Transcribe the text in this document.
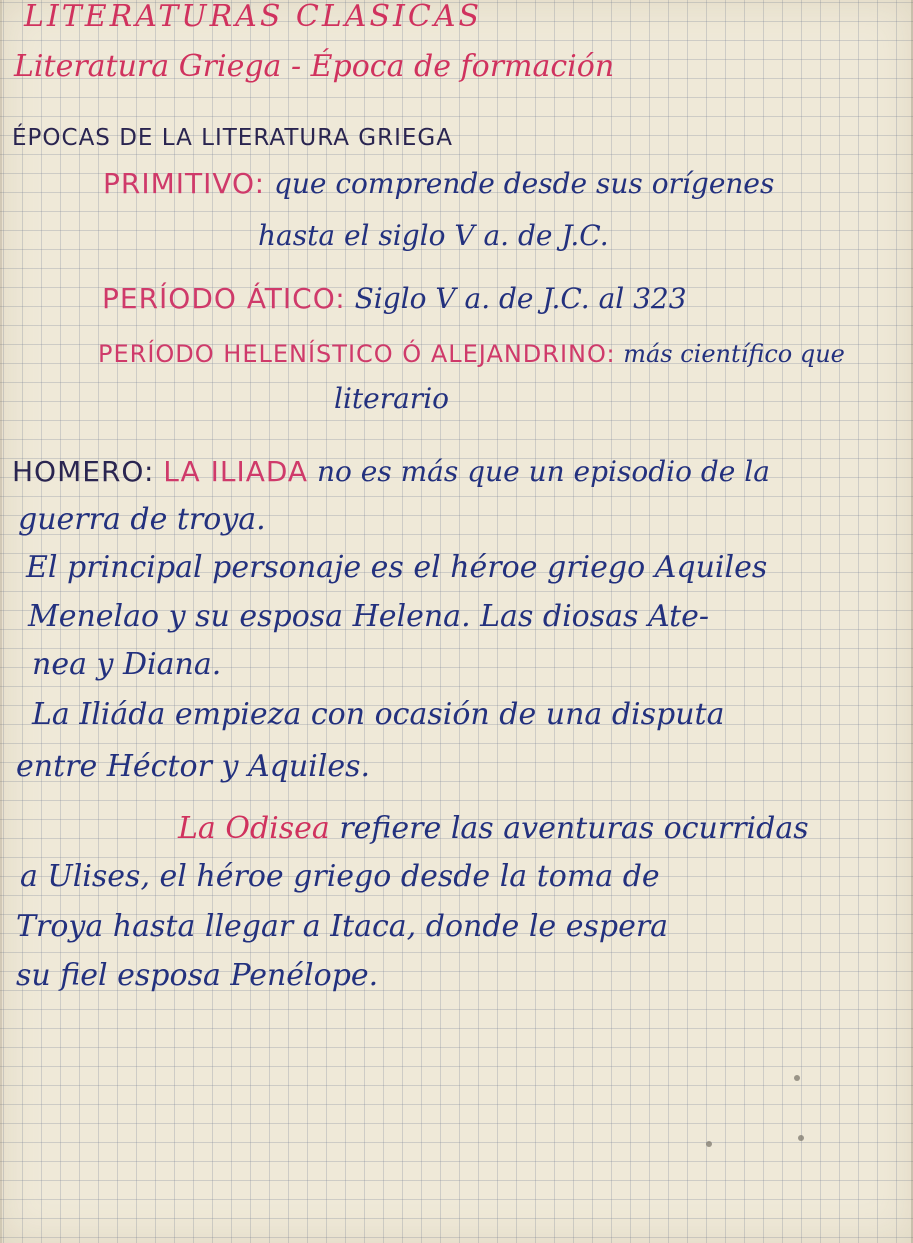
LITERATURAS CLASICAS
Literatura Griega - Época de formación
ÉPOCAS DE LA LITERATURA GRIEGA
PRIMITIVO: que comprende desde sus orígenes
hasta el siglo V a. de J.C.
PERÍODO ÁTICO: Siglo V a. de J.C. al 323
PERÍODO HELENÍSTICO Ó ALEJANDRINO: más científico que
literario
HOMERO: LA ILIADA no es más que un episodio de la
guerra de troya.
El principal personaje es el héroe griego Aquiles
Menelao y su esposa Helena. Las diosas Ate-
nea y Diana.
La Iliáda empieza con ocasión de una disputa
entre Héctor y Aquiles.
La Odisea refiere las aventuras ocurridas
a Ulises, el héroe griego desde la toma de
Troya hasta llegar a Itaca, donde le espera
su fiel esposa Penélope.
